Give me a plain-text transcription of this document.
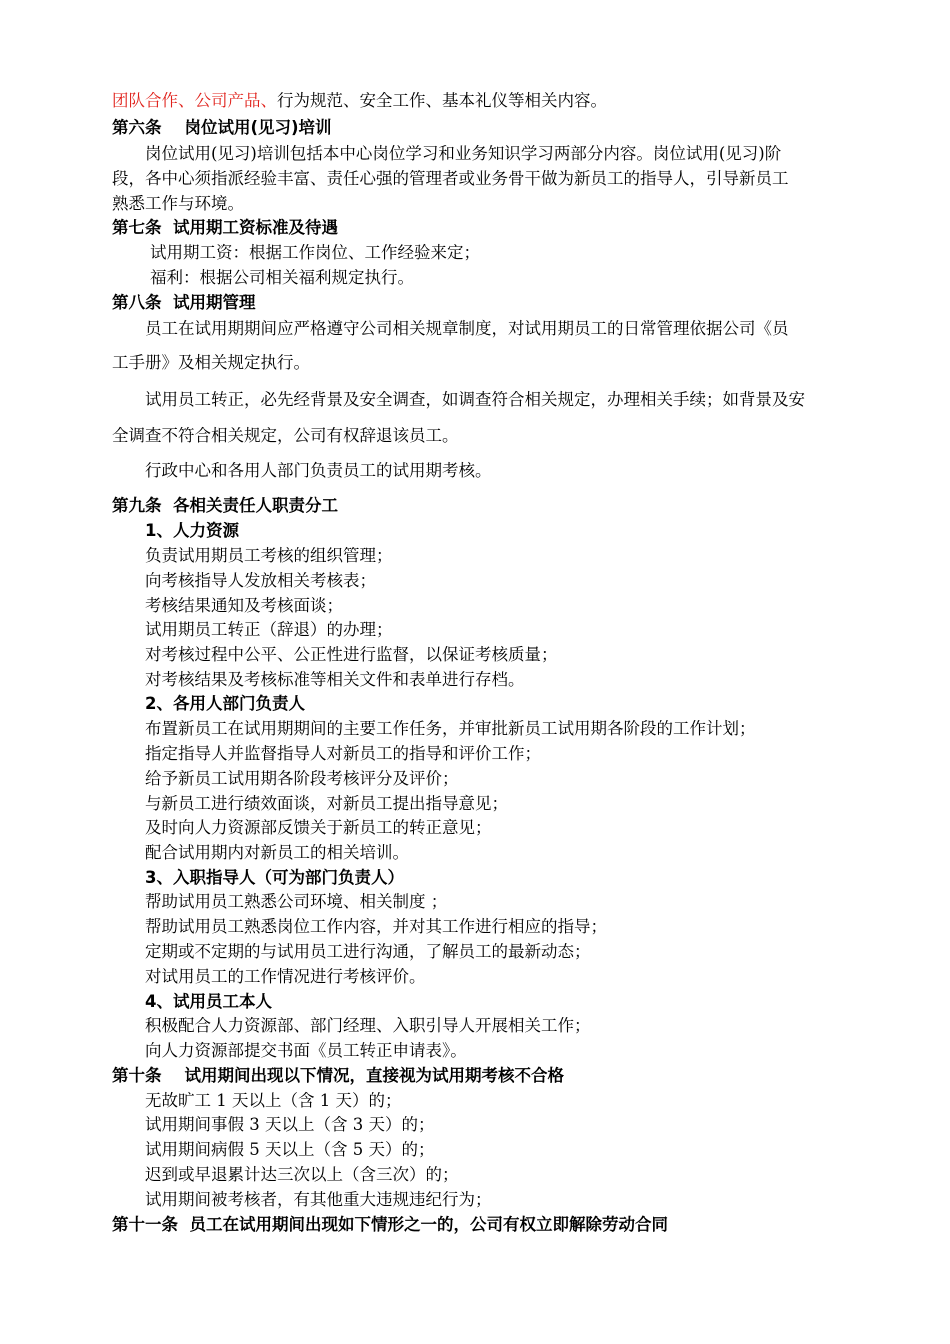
团队合作、公司产品、行为规范、安全工作、基本礼仪等相关内容。
第六条    岗位试用(见习)培训
岗位试用(见习)培训包括本中心岗位学习和业务知识学习两部分内容。岗位试用(见习)阶
段，各中心须指派经验丰富、责任心强的管理者或业务骨干做为新员工的指导人，引导新员工
熟悉工作与环境。
第七条  试用期工资标准及待遇
试用期工资：根据工作岗位、工作经验来定；
福利：根据公司相关福利规定执行。
第八条  试用期管理
员工在试用期期间应严格遵守公司相关规章制度，对试用期员工的日常管理依据公司《员
工手册》及相关规定执行。
试用员工转正，必先经背景及安全调查，如调查符合相关规定，办理相关手续；如背景及安
全调查不符合相关规定，公司有权辞退该员工。
行政中心和各用人部门负责员工的试用期考核。
第九条  各相关责任人职责分工
1、人力资源
负责试用期员工考核的组织管理；
向考核指导人发放相关考核表；
考核结果通知及考核面谈；
试用期员工转正（辞退）的办理；
对考核过程中公平、公正性进行监督，以保证考核质量；
对考核结果及考核标准等相关文件和表单进行存档。
2、各用人部门负责人
布置新员工在试用期期间的主要工作任务，并审批新员工试用期各阶段的工作计划；
指定指导人并监督指导人对新员工的指导和评价工作；
给予新员工试用期各阶段考核评分及评价；
与新员工进行绩效面谈，对新员工提出指导意见；
及时向人力资源部反馈关于新员工的转正意见；
配合试用期内对新员工的相关培训。
3、入职指导人（可为部门负责人）
帮助试用员工熟悉公司环境、相关制度 ；
帮助试用员工熟悉岗位工作内容，并对其工作进行相应的指导；
定期或不定期的与试用员工进行沟通，了解员工的最新动态；
对试用员工的工作情况进行考核评价。
4、试用员工本人
积极配合人力资源部、部门经理、入职引导人开展相关工作；
向人力资源部提交书面《员工转正申请表》。
第十条    试用期间出现以下情况，直接视为试用期考核不合格
无故旷工 1 天以上（含 1 天）的；
试用期间事假 3 天以上（含 3 天）的；
试用期间病假 5 天以上（含 5 天）的；
迟到或早退累计达三次以上（含三次）的；
试用期间被考核者，有其他重大违规违纪行为；
第十一条  员工在试用期间出现如下情形之一的，公司有权立即解除劳动合同
